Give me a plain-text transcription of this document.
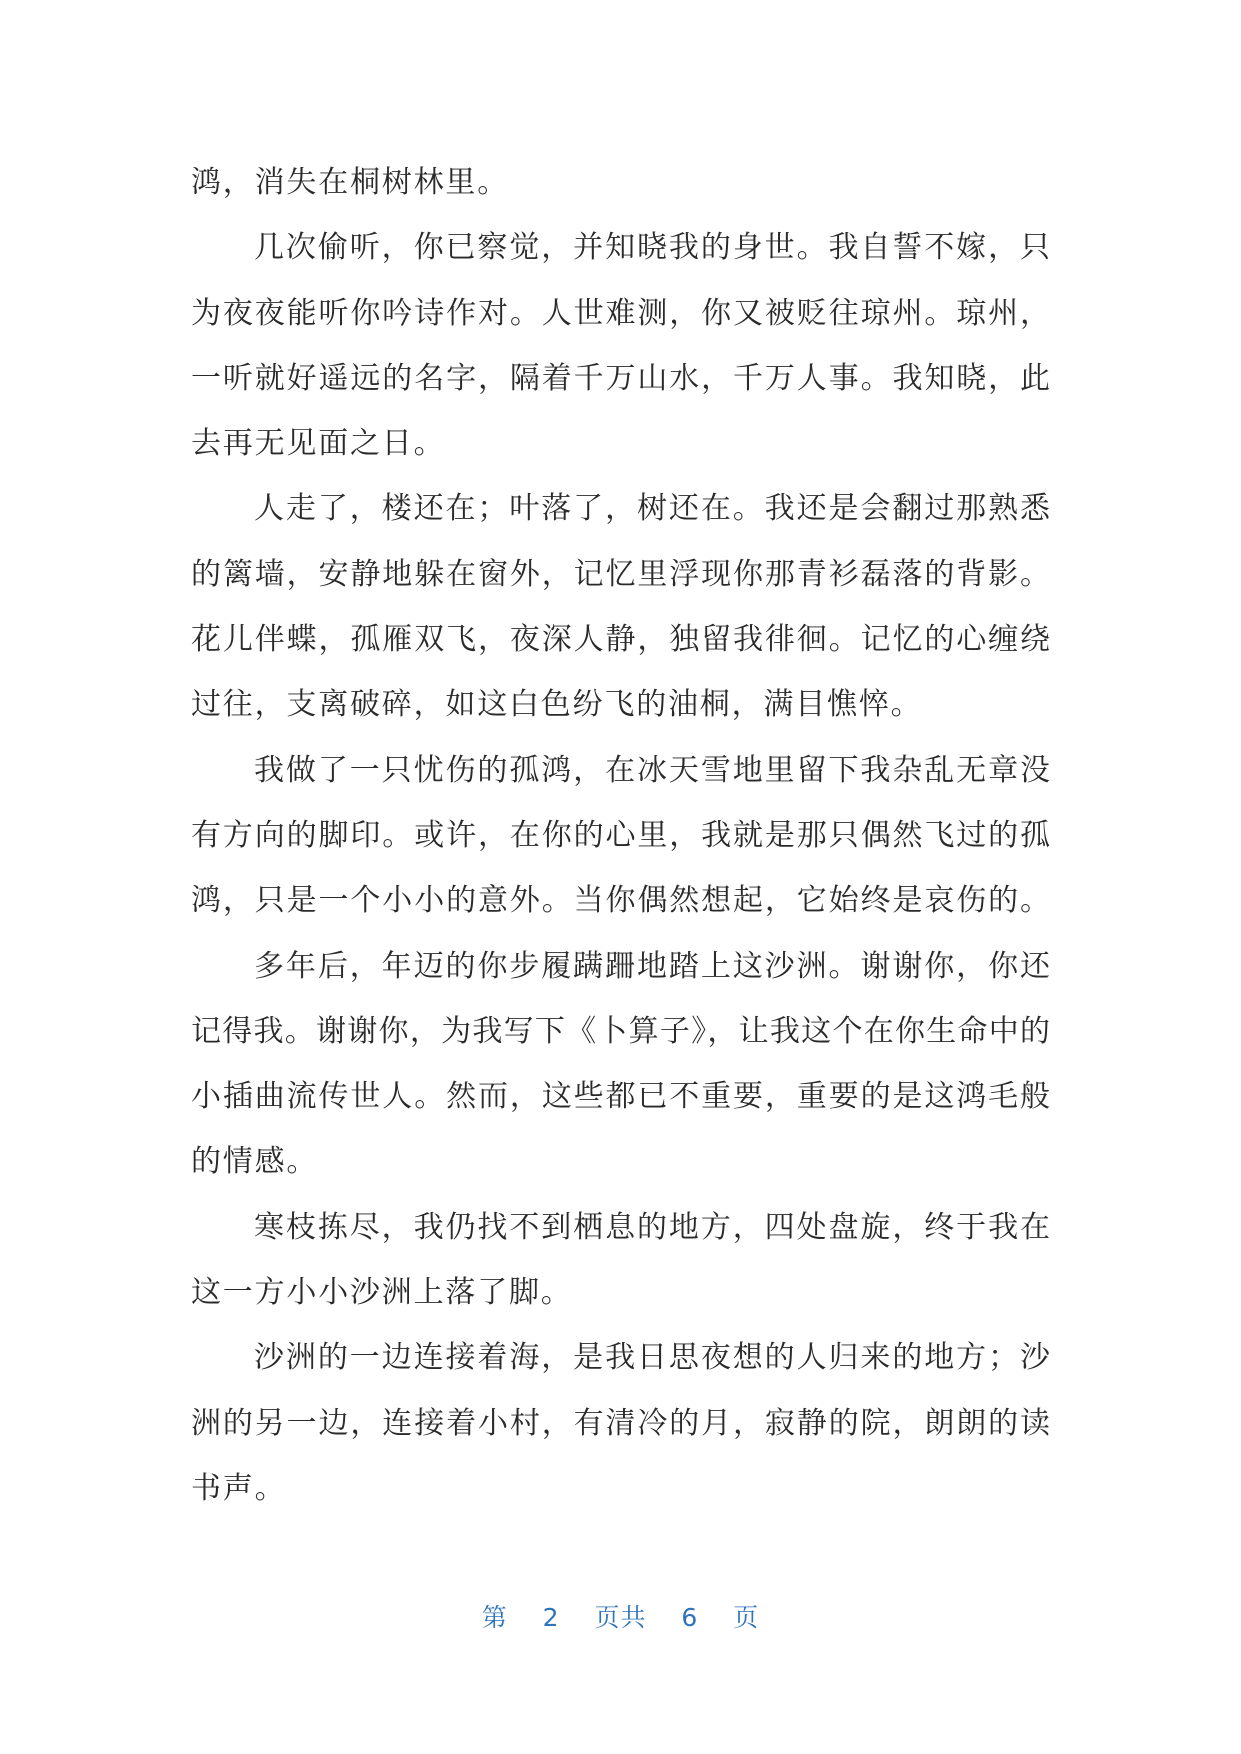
鸿，消失在桐树林里。
几次偷听，你已察觉，并知晓我的身世。我自誓不嫁，只
为夜夜能听你吟诗作对。人世难测，你又被贬往琼州。琼州，
一听就好遥远的名字，隔着千万山水，千万人事。我知晓，此
去再无见面之日。
人走了，楼还在；叶落了，树还在。我还是会翻过那熟悉
的篱墙，安静地躲在窗外，记忆里浮现你那青衫磊落的背影。
花儿伴蝶，孤雁双飞，夜深人静，独留我徘徊。记忆的心缠绕
过往，支离破碎，如这白色纷飞的油桐，满目憔悴。
我做了一只忧伤的孤鸿，在冰天雪地里留下我杂乱无章没
有方向的脚印。或许，在你的心里，我就是那只偶然飞过的孤
鸿，只是一个小小的意外。当你偶然想起，它始终是哀伤的。
多年后，年迈的你步履蹒跚地踏上这沙洲。谢谢你，你还
记得我。谢谢你，为我写下《卜算子》，让我这个在你生命中的
小插曲流传世人。然而，这些都已不重要，重要的是这鸿毛般
的情感。
寒枝拣尽，我仍找不到栖息的地方，四处盘旋，终于我在
这一方小小沙洲上落了脚。
沙洲的一边连接着海，是我日思夜想的人归来的地方；沙
洲的另一边，连接着小村，有清冷的月，寂静的院，朗朗的读
书声。
第 2 页共 6 页
